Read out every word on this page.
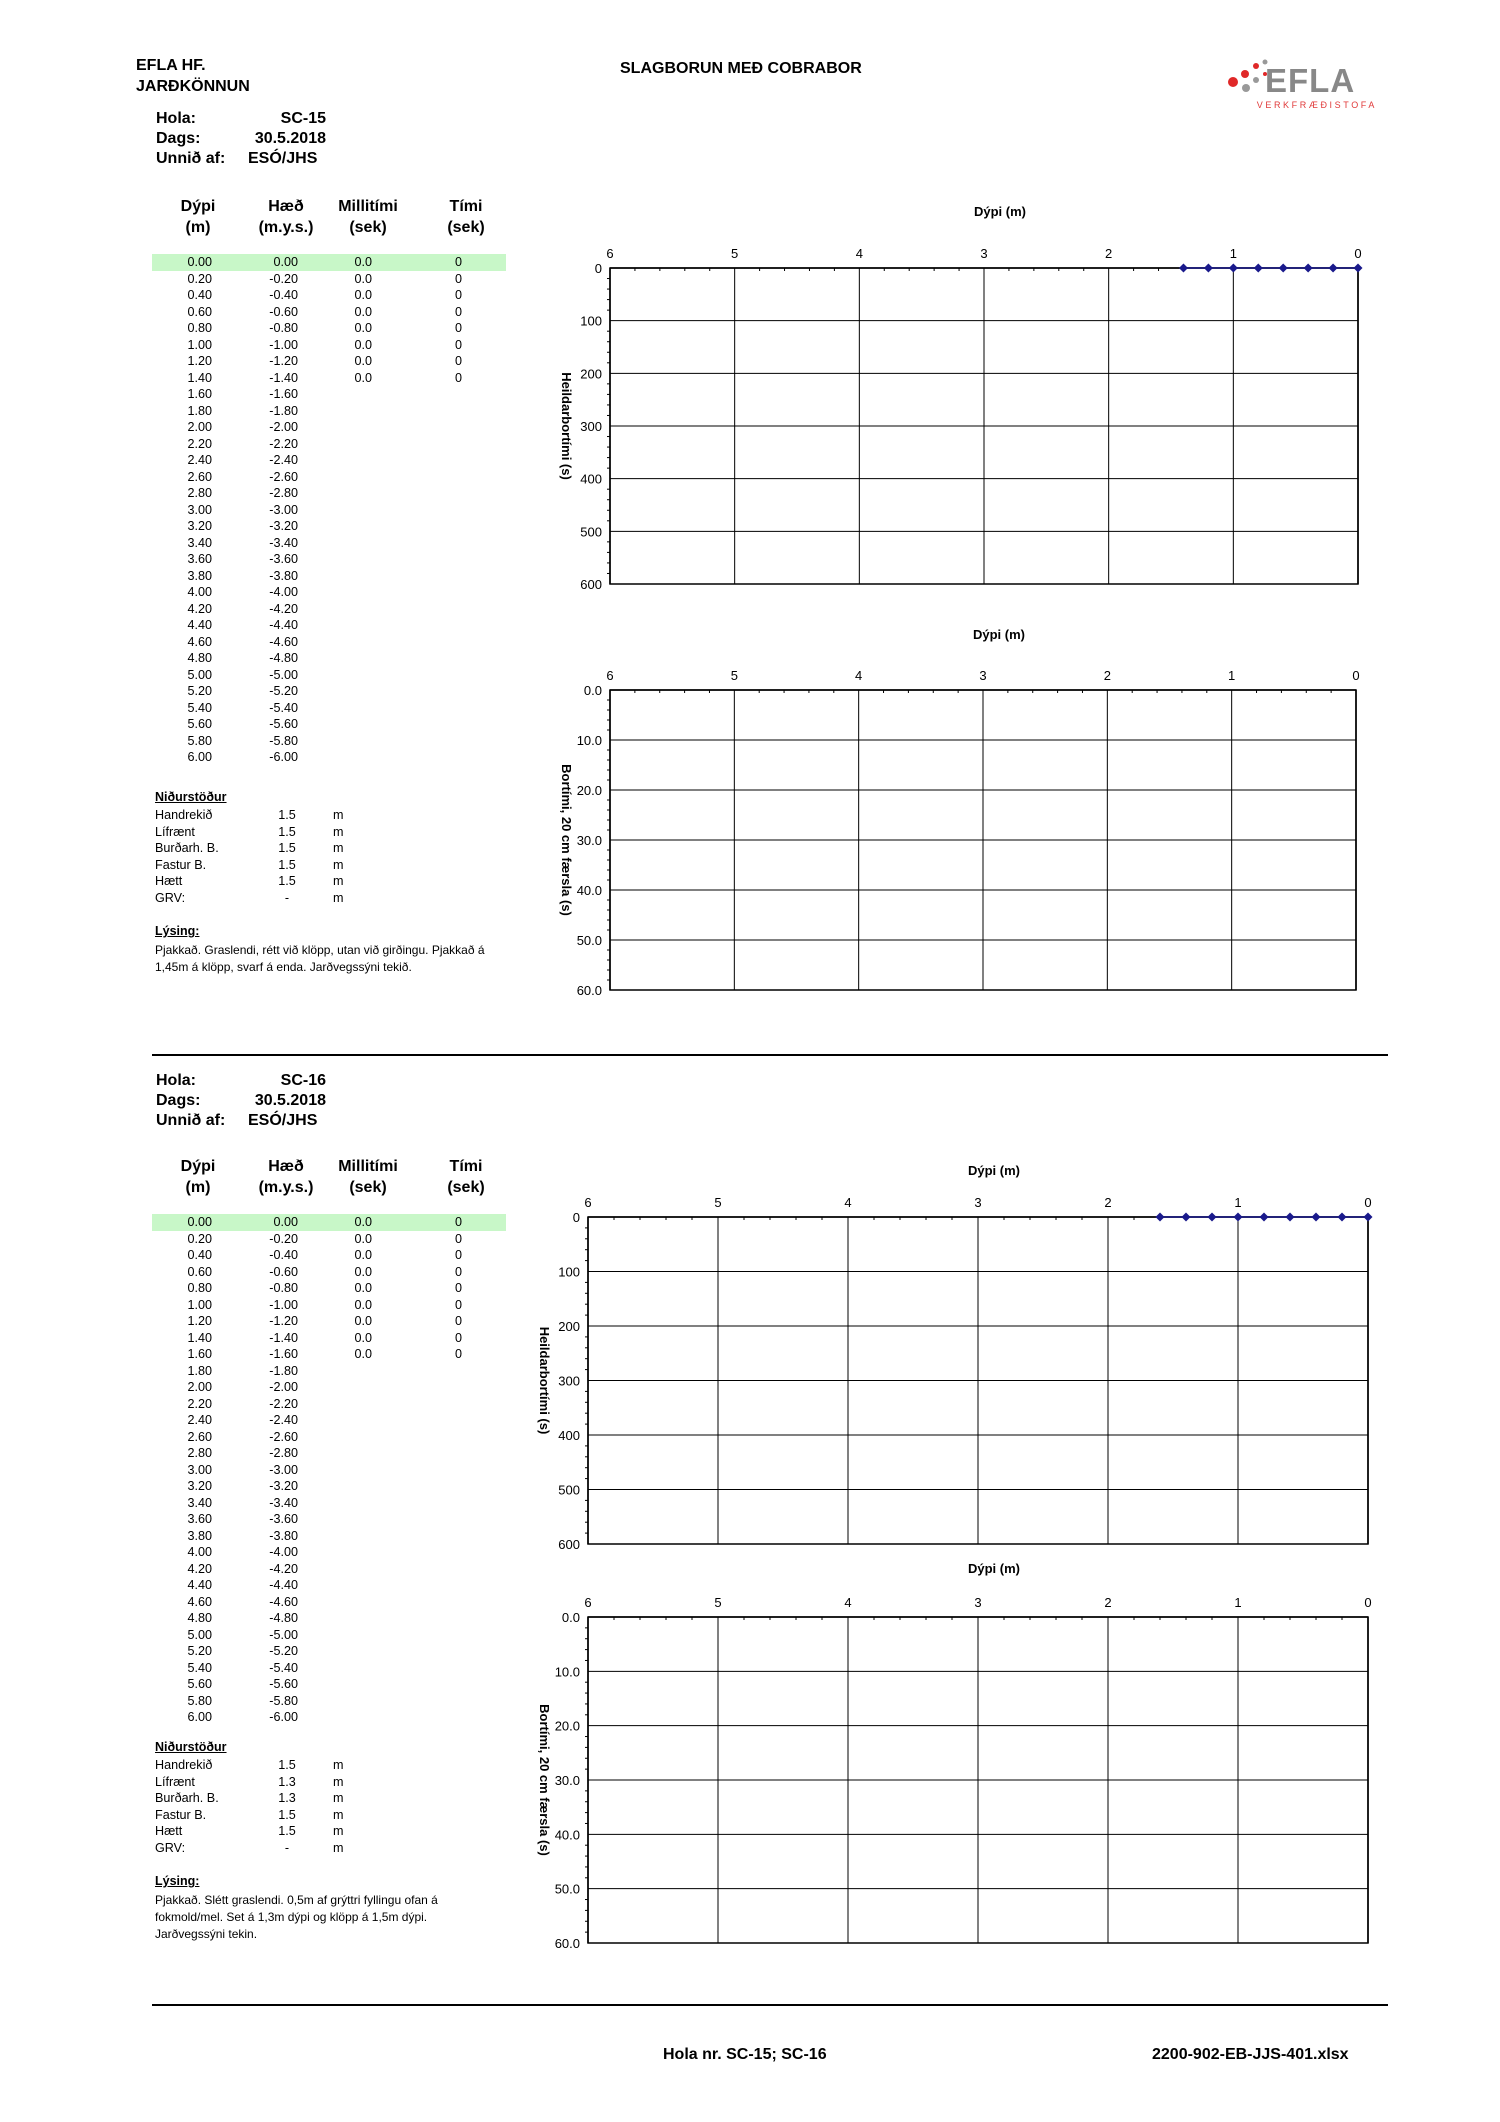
EFLA HF.
JARÐKÖNNUN
SLAGBORUN MEÐ COBRABOR	EFLA
VERKFRÆÐISTOFA
Hola:	SC-15
Dags:	30.5.2018
Unnið af: ESÓ/JHS
Dýpi
(m)
Hæð
(m.y.s.)
Millitími
(sek)
Tími
(sek)
0.00	0.00	0.0	0
0.20	-0.20	0.0	0
0.40	-0.40	0.0	0
0.60	-0.60	0.0	0
0.80	-0.80	0.0	0
1.00	-1.00	0.0	0
1.20	-1.20	0.0	0
1.40	-1.40	0.0	0
1.60	-1.60
1.80	-1.80
2.00	-2.00
2.20	-2.20
2.40	-2.40
2.60	-2.60
2.80	-2.80
3.00	-3.00
3.20	-3.20
3.40	-3.40
3.60	-3.60
3.80	-3.80
4.00	-4.00
4.20	-4.20
4.40	-4.40
4.60	-4.60
4.80	-4.80
5.00	-5.00
5.20	-5.20
5.40	-5.40
5.60	-5.60
5.80	-5.80
6.00	-6.00
Niðurstöður
Handrekið	1.5	m
Lífrænt	1.5	m
Burðarh. B.	1.5	m
Fastur B.	1.5	m
Hætt	1.5	m
GRV:	-	m
Lýsing:
Pjakkað. Graslendi, rétt við klöpp, utan við girðingu. Pjakkað á 1,45m á klöpp, svarf á enda. Jarðvegssýni tekið.
Hola:	SC-16
Dags:	30.5.2018
Unnið af: ESÓ/JHS
Dýpi
(m)
Hæð
(m.y.s.)
Millitími
(sek)
Tími
(sek)
0.00	0.00	0.0	0
0.20	-0.20	0.0	0
0.40	-0.40	0.0	0
0.60	-0.60	0.0	0
0.80	-0.80	0.0	0
1.00	-1.00	0.0	0
1.20	-1.20	0.0	0
1.40	-1.40	0.0	0
1.60	-1.60	0.0	0
1.80	-1.80
2.00	-2.00
2.20	-2.20
2.40	-2.40
2.60	-2.60
2.80	-2.80
3.00	-3.00
3.20	-3.20
3.40	-3.40
3.60	-3.60
3.80	-3.80
4.00	-4.00
4.20	-4.20
4.40	-4.40
4.60	-4.60
4.80	-4.80
5.00	-5.00
5.20	-5.20
5.40	-5.40
5.60	-5.60
5.80	-5.80
6.00	-6.00
Niðurstöður
Handrekið	1.5	m
Lífrænt	1.3	m
Burðarh. B.	1.3	m
Fastur B.	1.5	m
Hætt	1.5	m
GRV:	-	m
Lýsing:
Pjakkað. Slétt graslendi. 0,5m af grýttri fyllingu ofan á fokmold/mel. Set á 1,3m dýpi og klöpp á 1,5m dýpi. Jarðvegssýni tekin.
Hola nr. SC-15; SC-16	2200-902-EB-JJS-401.xlsx
Dýpi (m)
Heildarbortími (s)
0
100
200
300
400
500
600
6	5	4	3	2	1	0
Dýpi (m)
Bortími, 20 cm færsla (s)
0.0
10.0
20.0
30.0
40.0
50.0
60.0
6	5	4	3	2	1	0
Dýpi (m)
Heildarbortími (s)
0
100
200
300
400
500
600
6	5	4	3	2	1	0
Dýpi (m)
Bortími, 20 cm færsla (s)
0.0
10.0
20.0
30.0
40.0
50.0
60.0
6	5	4	3	2	1	0
